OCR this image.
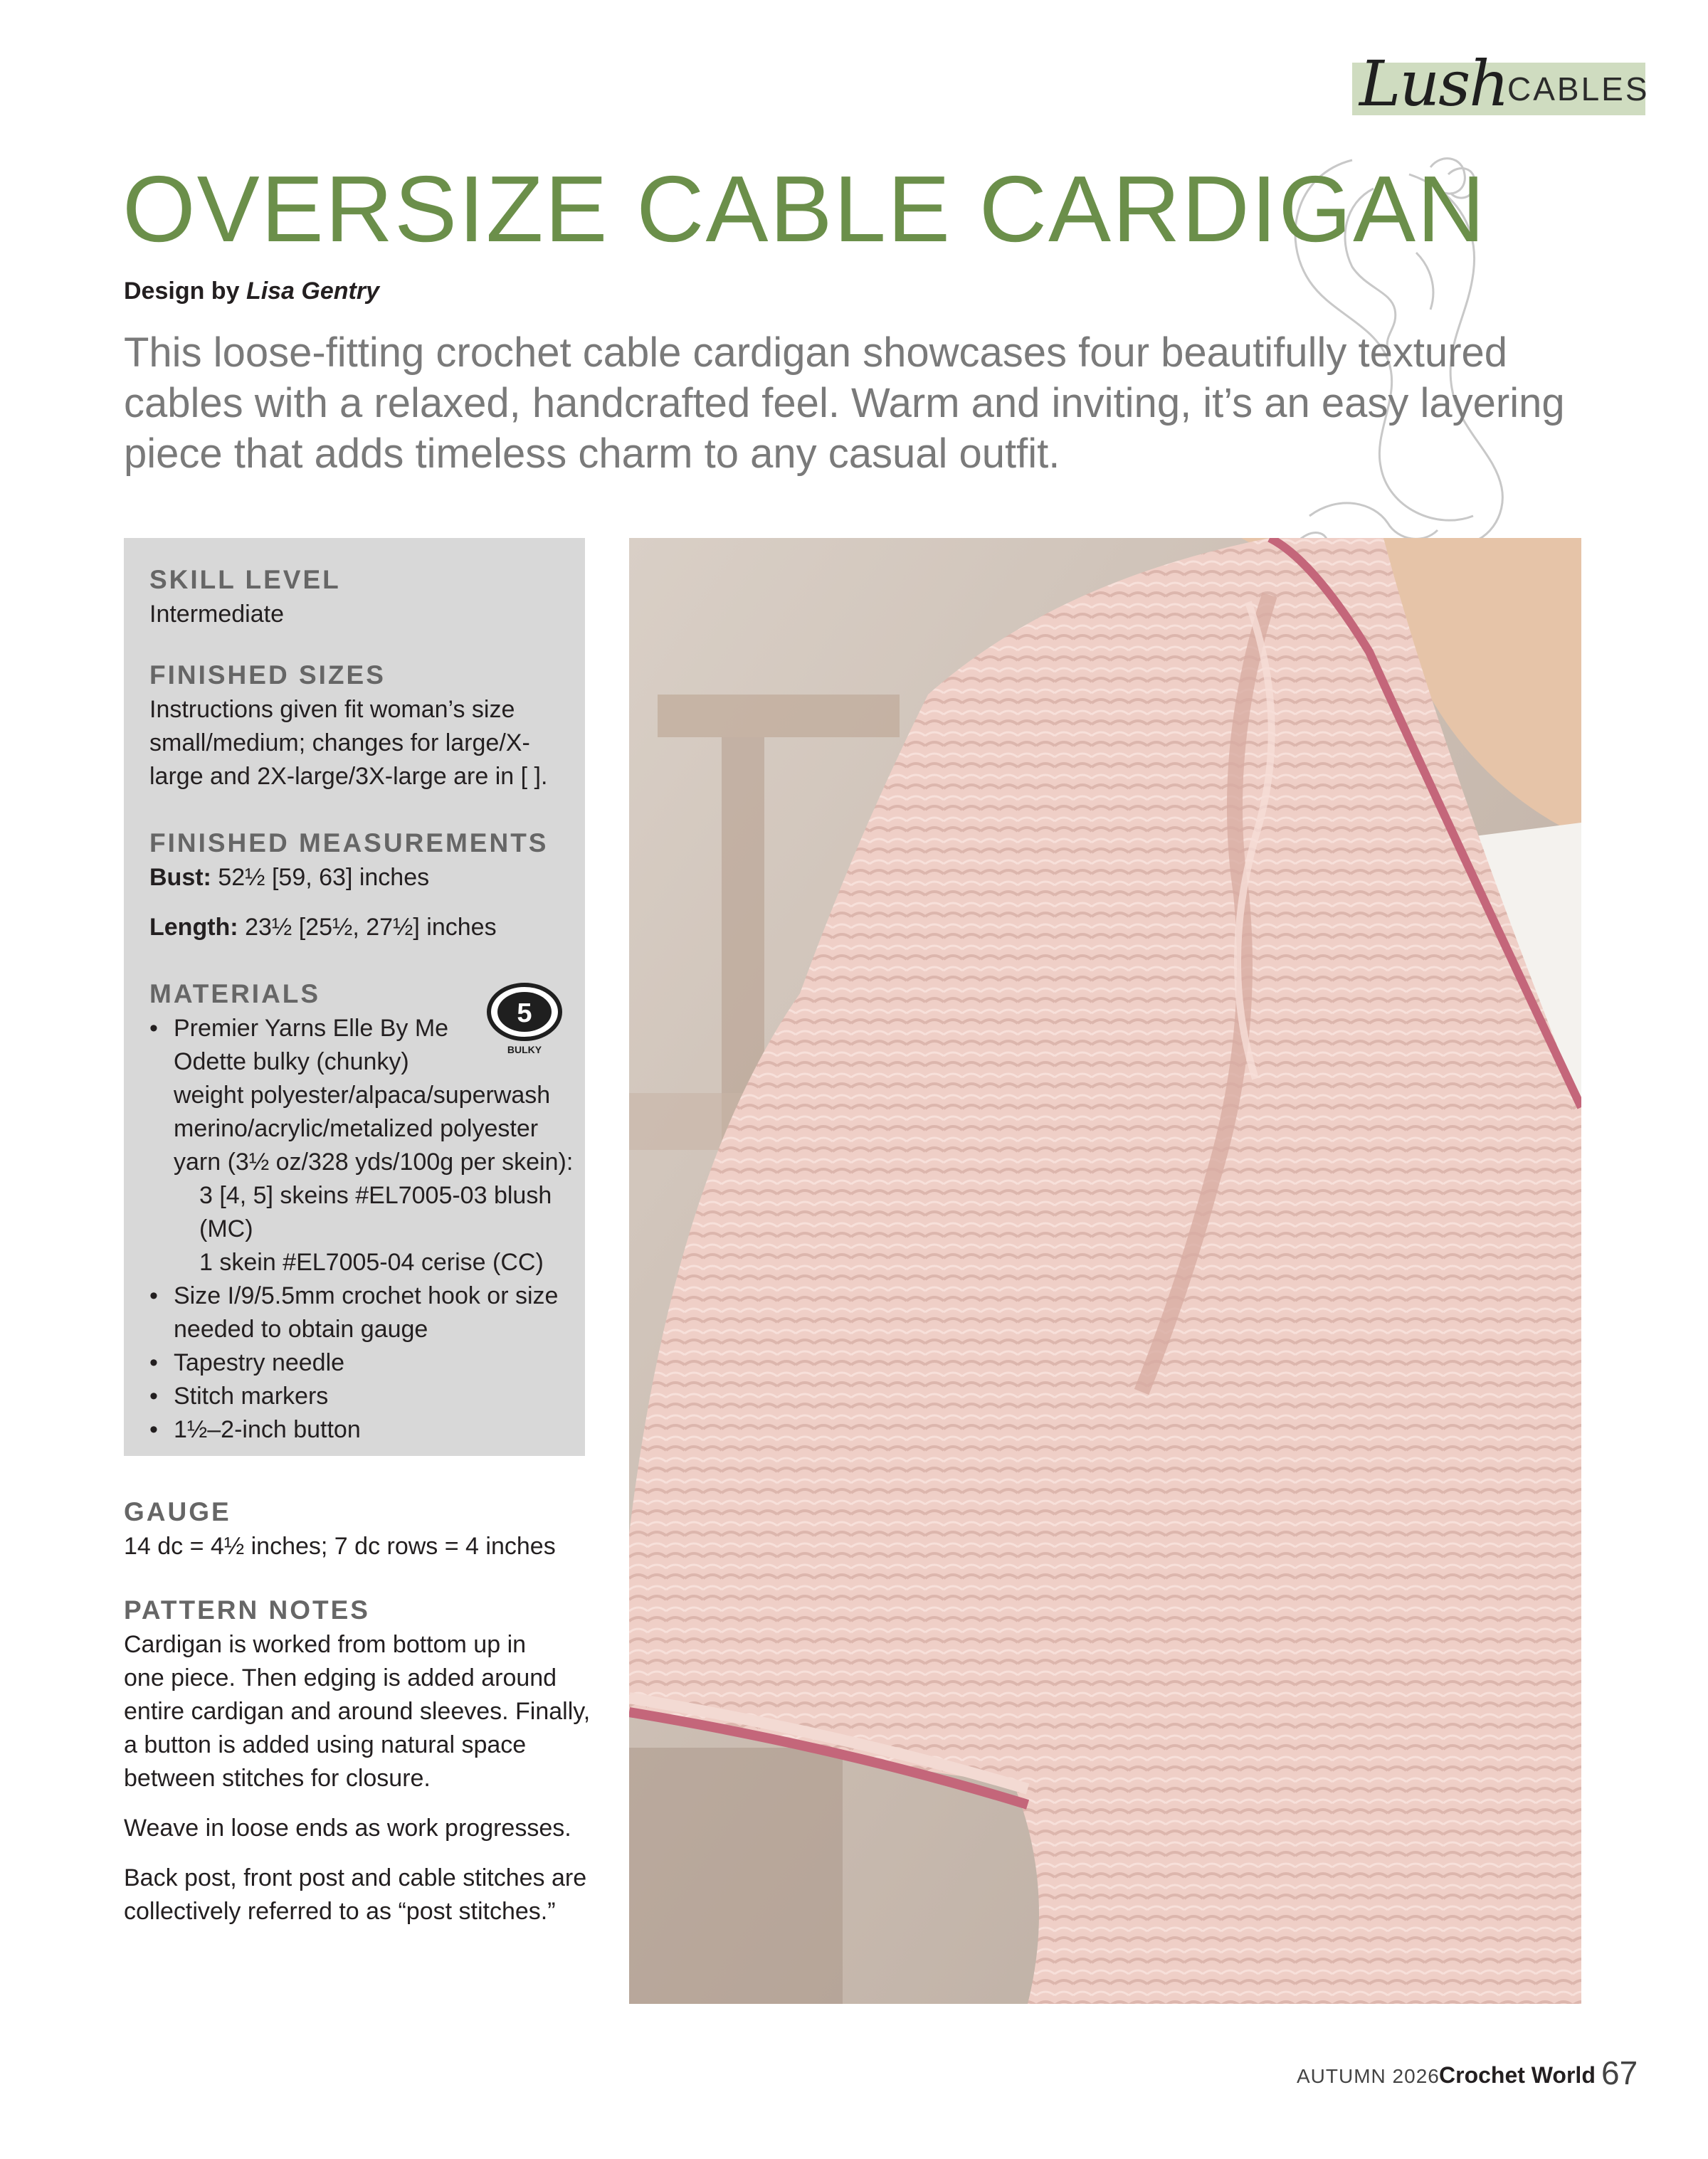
Lush CABLES
OVERSIZE CABLE CARDIGAN
Design by Lisa Gentry
This loose-fitting crochet cable cardigan showcases four beautifully textured cables with a relaxed, handcrafted feel. Warm and inviting, it’s an easy layering piece that adds timeless charm to any casual outfit.
SKILL LEVEL
Intermediate
FINISHED SIZES
Instructions given fit woman’s size
small/medium; changes for large/X-
large and 2X-large/3X-large are in [ ].
FINISHED MEASUREMENTS
Bust: 52½ [59, 63] inches
Length: 23½ [25½, 27½] inches
MATERIALS
5
BULKY
• Premier Yarns Elle By Me
Odette bulky (chunky)
weight polyester/alpaca/superwash
merino/acrylic/metalized polyester
yarn (3½ oz/328 yds/100g per skein):
3 [4, 5] skeins #EL7005-03 blush (MC)
1 skein #EL7005-04 cerise (CC)
• Size I/9/5.5mm crochet hook or size
needed to obtain gauge
• Tapestry needle
• Stitch markers
• 1½–2-inch button
GAUGE
14 dc = 4½ inches; 7 dc rows = 4 inches
PATTERN NOTES
Cardigan is worked from bottom up in
one piece. Then edging is added around
entire cardigan and around sleeves. Finally,
a button is added using natural space
between stitches for closure.
Weave in loose ends as work progresses.
Back post, front post and cable stitches are
collectively referred to as “post stitches.”
AUTUMN 2026 Crochet World 67
